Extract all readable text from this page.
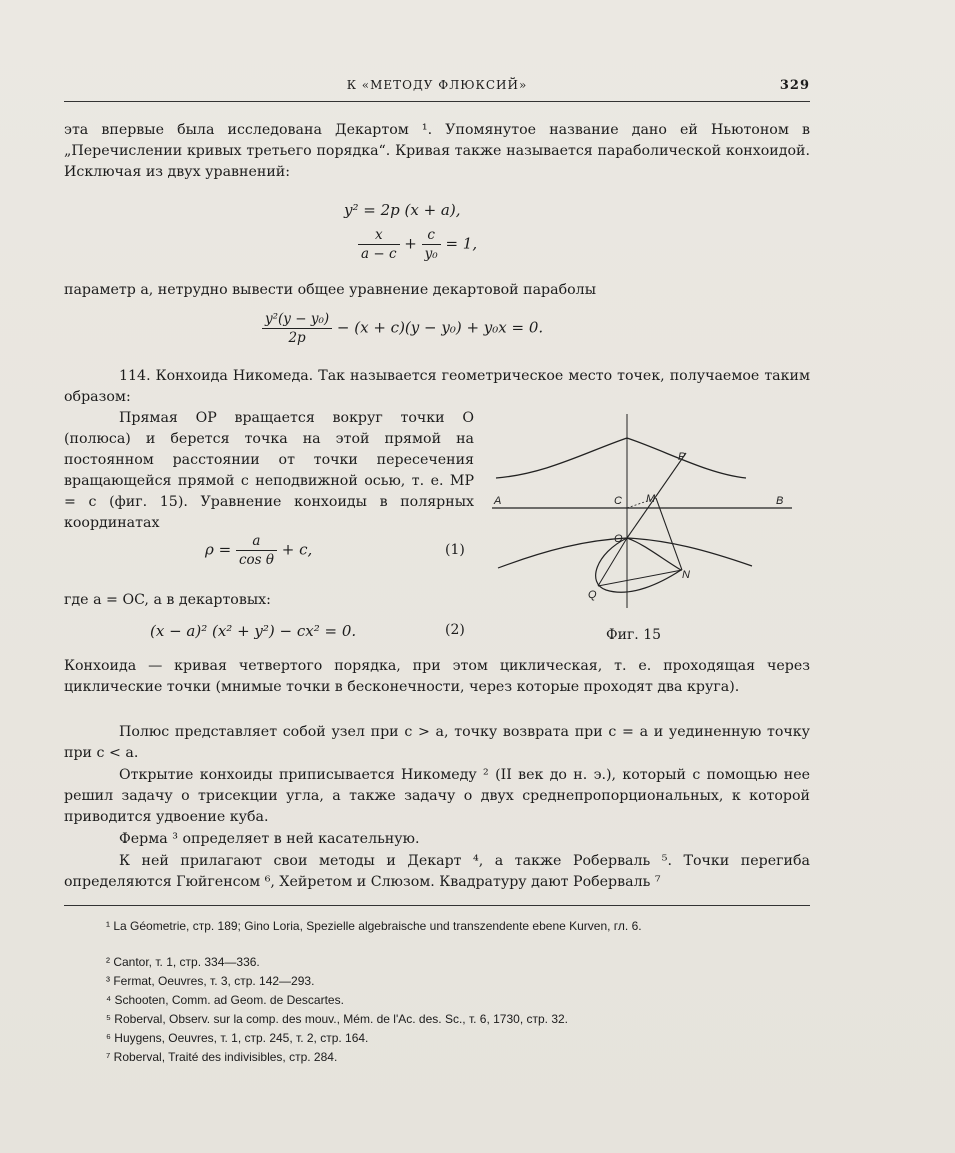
К «МЕТОДУ ФЛЮКСИЙ»	329
эта впервые была исследована Декартом ¹. Упомянутое название дано ей Ньютоном в „Перечислении кривых третьего порядка“. Кривая также называется параболической конхоидой. Исключая из двух уравнений:
y² = 2p (x + a),
$\frac{x}{a - c} + \frac{c}{\text{y₀}} = 1$,
параметр a, нетрудно вывести общее уравнение декартовой параболы
$\frac{\text{y²(y − y₀)}}{2p} - (x + c)(y - y_0) + y_0x = 0$.
114. Конхоида Никомеда. Так называется геометрическое место точек, получаемое таким образом:
Прямая OP вращается вокруг точки O (полюса) и берется точка на этой прямой на постоянном расстоянии от точки пересечения вращающейся прямой с неподвижной осью, т. е. MP = c (фиг. 15). Уравнение конхоиды в полярных координатах
$\rho = \frac{a}{\text{cos θ}} + c$,	(1)
где a = OC, а в декартовых:
(x − a)² (x² + y²) − cx² = 0.	(2)
A	B
C M
P
O
Q
N
Фиг. 15
Конхоида — кривая четвертого порядка, при этом циклическая, т. е. проходящая через циклические точки (мнимые точки в бесконечности, через которые проходят два круга).
Полюс представляет собой узел при c > a, точку возврата при c = a и уединенную точку при c < a.
Открытие конхоиды приписывается Никомеду ² (II век до н. э.), который с помощью нее решил задачу о трисекции угла, а также задачу о двух среднепропорциональных, к которой приводится удвоение куба.
Ферма ³ определяет в ней касательную.
К ней прилагают свои методы и Декарт ⁴, а также Роберваль ⁵. Точки перегиба определяются Гюйгенсом ⁶, Хейретом и Слюзом. Квадратуру дают Роберваль ⁷
¹ La Géometrie, стр. 189; Gino Loria, Spezielle algebraische und transzendente ebene Kurven, гл. 6.
² Cantor, т. 1, стр. 334—336.
³ Fermat, Oeuvres, т. 3, стр. 142—293.
⁴ Schooten, Comm. ad Geom. de Descartes.
⁵ Roberval, Observ. sur la comp. des mouv., Mém. de l'Ac. des. Sc., т. 6, 1730, стр. 32.
⁶ Huygens, Oeuvres, т. 1, стр. 245, т. 2, стр. 164.
⁷ Roberval, Traité des indivisibles, стр. 284.
